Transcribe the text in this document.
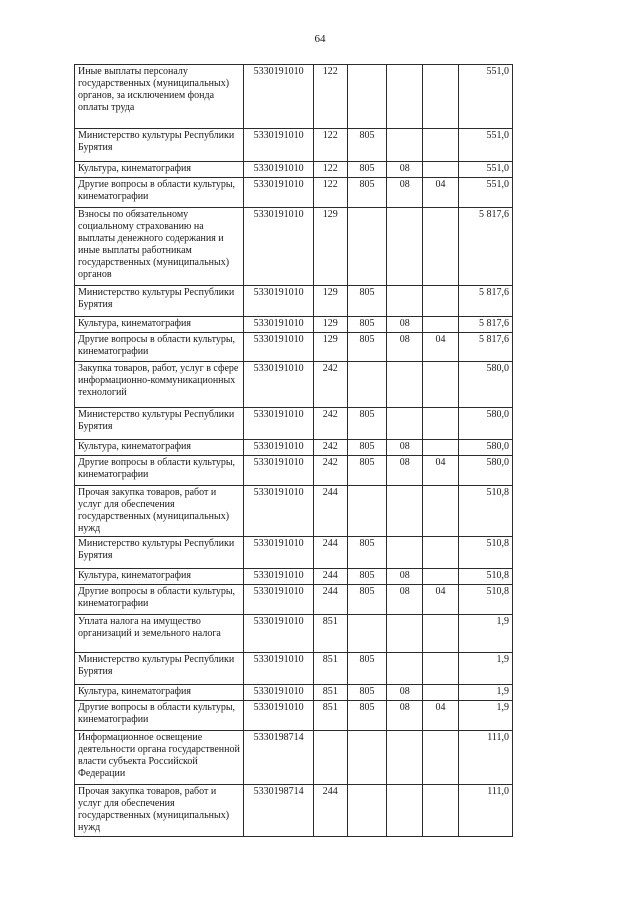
64
Иные выплаты персоналу государственных (муниципальных) органов, за исключением фонда оплаты труда	5330191010	122				551,0
Министерство культуры Республики Бурятия	5330191010	122	805			551,0
Культура, кинематография	5330191010	122	805	08		551,0
Другие вопросы в области культуры, кинематографии	5330191010	122	805	08	04	551,0
Взносы по обязательному социальному страхованию на выплаты денежного содержания и иные выплаты работникам государственных (муниципальных) органов	5330191010	129				5 817,6
Министерство культуры Республики Бурятия	5330191010	129	805			5 817,6
Культура, кинематография	5330191010	129	805	08		5 817,6
Другие вопросы в области культуры, кинематографии	5330191010	129	805	08	04	5 817,6
Закупка товаров, работ, услуг в сфере информационно-коммуникационных технологий	5330191010	242				580,0
Министерство культуры Республики Бурятия	5330191010	242	805			580,0
Культура, кинематография	5330191010	242	805	08		580,0
Другие вопросы в области культуры, кинематографии	5330191010	242	805	08	04	580,0
Прочая закупка товаров, работ и услуг для обеспечения государственных (муниципальных) нужд	5330191010	244				510,8
Министерство культуры Республики Бурятия	5330191010	244	805			510,8
Культура, кинематография	5330191010	244	805	08		510,8
Другие вопросы в области культуры, кинематографии	5330191010	244	805	08	04	510,8
Уплата налога на имущество организаций и земельного налога	5330191010	851				1,9
Министерство культуры Республики Бурятия	5330191010	851	805			1,9
Культура, кинематография	5330191010	851	805	08		1,9
Другие вопросы в области культуры, кинематографии	5330191010	851	805	08	04	1,9
Информационное освещение деятельности органа государственной власти субъекта Российской Федерации	5330198714					111,0
Прочая закупка товаров, работ и услуг для обеспечения государственных (муниципальных) нужд	5330198714	244				111,0
